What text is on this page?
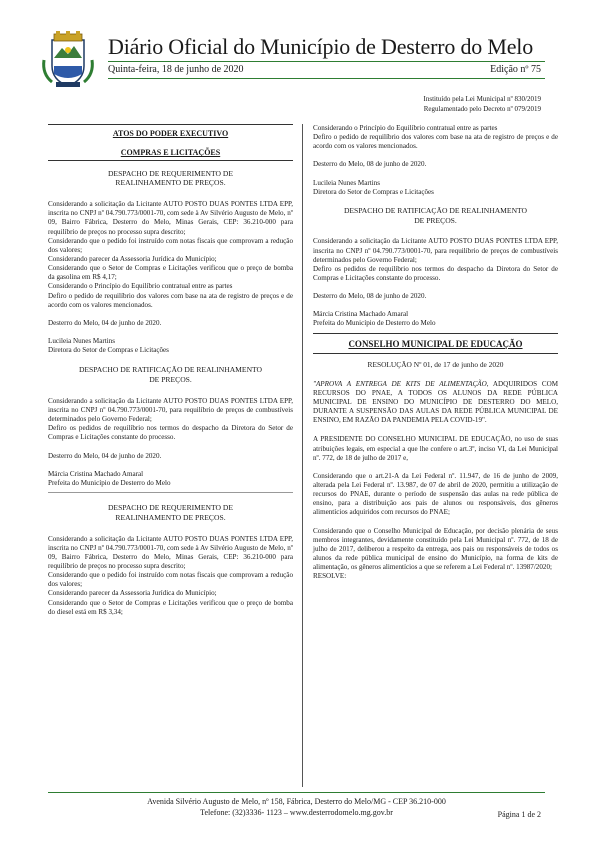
Diário Oficial do Município de Desterro do Melo
Quinta-feira, 18 de junho de 2020	Edição nº 75
Instituído pela Lei Municipal nº 830/2019
Regulamentado pelo Decreto nº 079/2019
ATOS DO PODER EXECUTIVO
COMPRAS E LICITAÇÕES
DESPACHO DE REQUERIMENTO DE
REALINHAMENTO DE PREÇOS.

Considerando a solicitação da Licitante AUTO POSTO DUAS PONTES LTDA EPP, inscrita no CNPJ nº 04.790.773/0001-70, com sede à Av Silvério Augusto de Melo, nº 09, Bairro Fábrica, Desterro do Melo, Minas Gerais, CEP: 36.210-000 para requilíbrio de preços no processo supra descrito;

Considerando que o pedido foi instruído com notas fiscais que comprovam a redução dos valores;

Considerando parecer da Assessoria Jurídica do Município;

Considerando que o Setor de Compras e Licitações verificou que o preço de bomba da gasolina em R$ 4,17;

Considerando o Princípio do Equilíbrio contratual entre as partes

Defiro o pedido de requilíbrio dos valores com base na ata de registro de preços e de acordo com os valores mencionados.

Desterro do Melo, 04 de junho de 2020.

Lucileia Nunes Martins

Diretora do Setor de Compras e Licitações

DESPACHO DE RATIFICAÇÃO DE REALINHAMENTO
DE PREÇOS.

Considerando a solicitação da Licitante AUTO POSTO DUAS PONTES LTDA EPP, inscrita no CNPJ nº 04.790.773/0001-70, para requilíbrio de preços de combustíveis determinados pelo Governo Federal;

Defiro os pedidos de requilíbrio nos termos do despacho da Diretora do Setor de Compras e Licitações constante do processo.

Desterro do Melo, 04 de junho de 2020.

Márcia Cristina Machado Amaral

Prefeita do Município de Desterro do Melo

DESPACHO DE REQUERIMENTO DE
REALINHAMENTO DE PREÇOS.

Considerando a solicitação da Licitante AUTO POSTO DUAS PONTES LTDA EPP, inscrita no CNPJ nº 04.790.773/0001-70, com sede à Av Silvério Augusto de Melo, nº 09, Bairro Fábrica, Desterro do Melo, Minas Gerais, CEP: 36.210-000 para requilíbrio de preços no processo supra descrito;

Considerando que o pedido foi instruído com notas fiscais que comprovam a redução dos valores;

Considerando parecer da Assessoria Jurídica do Município;

Considerando que o Setor de Compras e Licitações verificou que o preço de bomba do diesel está em R$ 3,34;

Considerando o Princípio do Equilíbrio contratual entre as partes

Defiro o pedido de requilíbrio dos valores com base na ata de registro de preços e de acordo com os valores mencionados.

Desterro do Melo, 08 de junho de 2020.

Lucileia Nunes Martins

Diretora do Setor de Compras e Licitações

DESPACHO DE RATIFICAÇÃO DE REALINHAMENTO
DE PREÇOS.

Considerando a solicitação da Licitante AUTO POSTO DUAS PONTES LTDA EPP, inscrita no CNPJ nº 04.790.773/0001-70, para requilíbrio de preços de combustíveis determinados pelo Governo Federal;

Defiro os pedidos de requilíbrio nos termos do despacho da Diretora do Setor de Compras e Licitações constante do processo.

Desterro do Melo, 08 de junho de 2020.

Márcia Cristina Machado Amaral

Prefeita do Município de Desterro do Melo

CONSELHO MUNICIPAL DE EDUCAÇÃO
RESOLUÇÃO Nº 01, de 17 de junho de 2020

"APROVA A ENTREGA DE KITS DE ALIMENTAÇÃO, ADQUIRIDOS COM RECURSOS DO PNAE, A TODOS OS ALUNOS DA REDE PÚBLICA MUNICIPAL DE ENSINO DO MUNICÍPIO DE DESTERRO DO MELO, DURANTE A SUSPENSÃO DAS AULAS DA REDE PÚBLICA MUNICIPAL DE ENSINO, EM RAZÃO DA PANDEMIA PELA COVID-19".

A PRESIDENTE DO CONSELHO MUNICIPAL DE EDUCAÇÃO, no uso de suas atribuições legais, em especial a que lhe confere o art.3º, inciso VI, da Lei Municipal nº. 772, de 18 de julho de 2017 e,

Considerando que o art.21-A da Lei Federal nº. 11.947, de 16 de junho de 2009, alterada pela Lei Federal nº. 13.987, de 07 de abril de 2020, permitiu a utilização de recursos do PNAE, durante o período de suspensão das aulas na rede pública de ensino, para a distribuição aos pais de alunos ou responsáveis, dos gêneros alimentícios adquiridos com recursos do PNAE;

Considerando que o Conselho Municipal de Educação, por decisão plenária de seus membros integrantes, devidamente constituído pela Lei Municipal nº. 772, de 18 de julho de 2017, deliberou a respeito da entrega, aos pais ou responsáveis de todos os alunos da rede pública municipal de ensino do Município, na forma de kits de alimentação, os gêneros alimentícios a que se referem a Lei Federal nº. 13987/2020;

RESOLVE:

Avenida Silvério Augusto de Melo, nº 158, Fábrica, Desterro do Melo/MG - CEP 36.210-000
Telefone: (32)3336- 1123 – www.desterrodomelo.mg.gov.br	Página 1 de 2
